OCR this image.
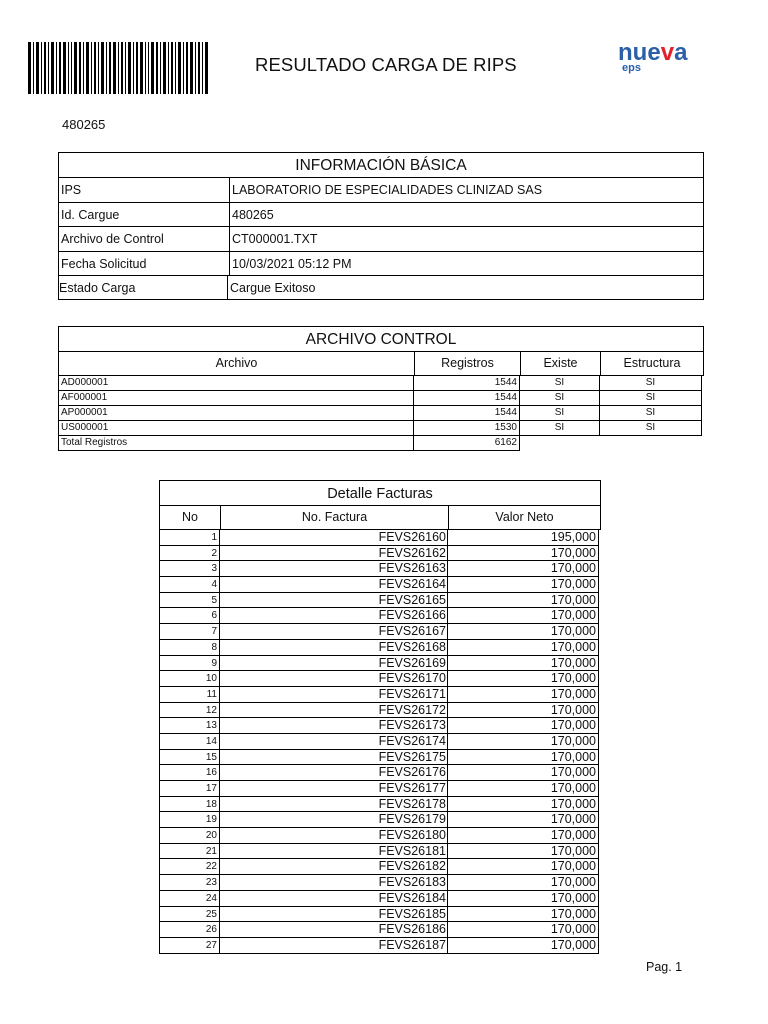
RESULTADO CARGA DE RIPS	nueva
eps
480265
INFORMACIÓN BÁSICA
IPS	LABORATORIO DE ESPECIALIDADES CLINIZAD SAS
Id. Cargue	480265
Archivo de Control	CT000001.TXT
Fecha Solicitud	10/03/2021 05:12 PM
Estado Carga	Cargue Exitoso
ARCHIVO CONTROL
Archivo	Registros	Existe	Estructura
AD000001	1544	SI	SI
AF000001	1544	SI	SI
AP000001	1544	SI	SI
US000001	1530	SI	SI
Total Registros	6162
Detalle Facturas
No	No. Factura	Valor Neto
1	FEVS26160	195,000
2	FEVS26162	170,000
3	FEVS26163	170,000
4	FEVS26164	170,000
5	FEVS26165	170,000
6	FEVS26166	170,000
7	FEVS26167	170,000
8	FEVS26168	170,000
9	FEVS26169	170,000
10	FEVS26170	170,000
11	FEVS26171	170,000
12	FEVS26172	170,000
13	FEVS26173	170,000
14	FEVS26174	170,000
15	FEVS26175	170,000
16	FEVS26176	170,000
17	FEVS26177	170,000
18	FEVS26178	170,000
19	FEVS26179	170,000
20	FEVS26180	170,000
21	FEVS26181	170,000
22	FEVS26182	170,000
23	FEVS26183	170,000
24	FEVS26184	170,000
25	FEVS26185	170,000
26	FEVS26186	170,000
27	FEVS26187	170,000
Pag. 1
